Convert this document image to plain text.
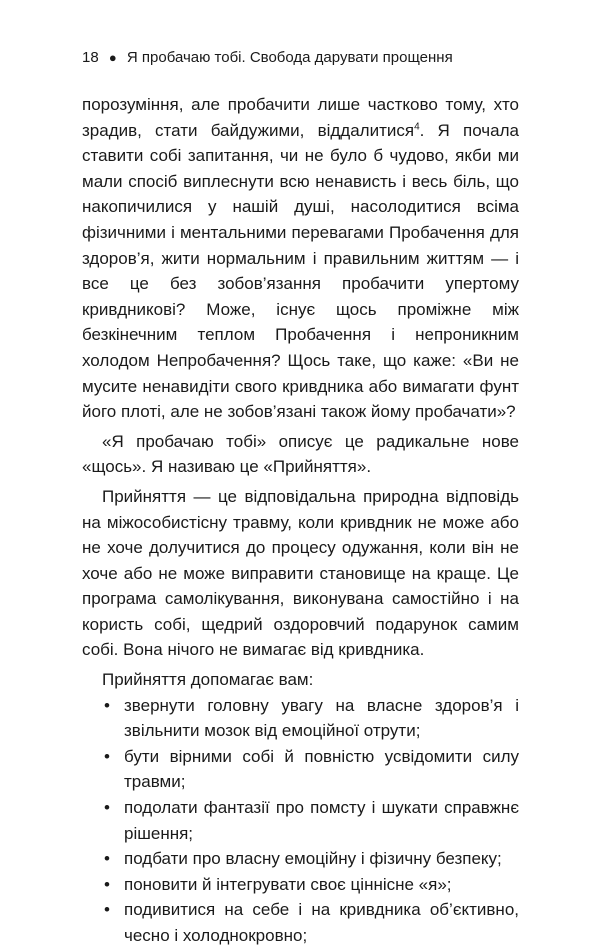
18 ● Я пробачаю тобі. Свобода дарувати прощення

порозуміння, але пробачити лише частково тому, хто зрадив, стати байдужими, віддалитися$^4$. Я почала ставити собі запитання, чи не було б чудово, якби ми мали спосіб виплеснути всю ненависть і весь біль, що накопичилися у нашій душі, насолодитися всіма фізичними і ментальними перевагами Пробачення для здоров’я, жити нормальним і правильним життям — і все це без зобов’язання пробачити упертому кривдникові? Може, існує щось проміжне між безкінечним теплом Пробачення і непроникним холодом Непробачення? Щось таке, що каже: «Ви не мусите ненавидіти свого кривдника або вимагати фунт його плоті, але не зобов’язані також йому пробачати»?

«Я пробачаю тобі» описує це радикальне нове «щось». Я називаю це «Прийняття».

Прийняття — це відповідальна природна відповідь на міжособистісну травму, коли кривдник не може або не хоче долучитися до процесу одужання, коли він не хоче або не може виправити становище на краще. Це програма самолікування, виконувана самостійно і на користь собі, щедрий оздоровчий подарунок самим собі. Вона нічого не вимагає від кривдника.

Прийняття допомагає вам:

• звернути головну увагу на власне здоров’я і звільнити мозок від емоційної отрути;
• бути вірними собі й повністю усвідомити силу травми;
• подолати фантазії про помсту і шукати справжнє рішення;
• подбати про власну емоційну і фізичну безпеку;
• поновити й інтегрувати своє ціннісне «я»;
• подивитися на себе і на кривдника об’єктивно, чесно і холоднокровно;
